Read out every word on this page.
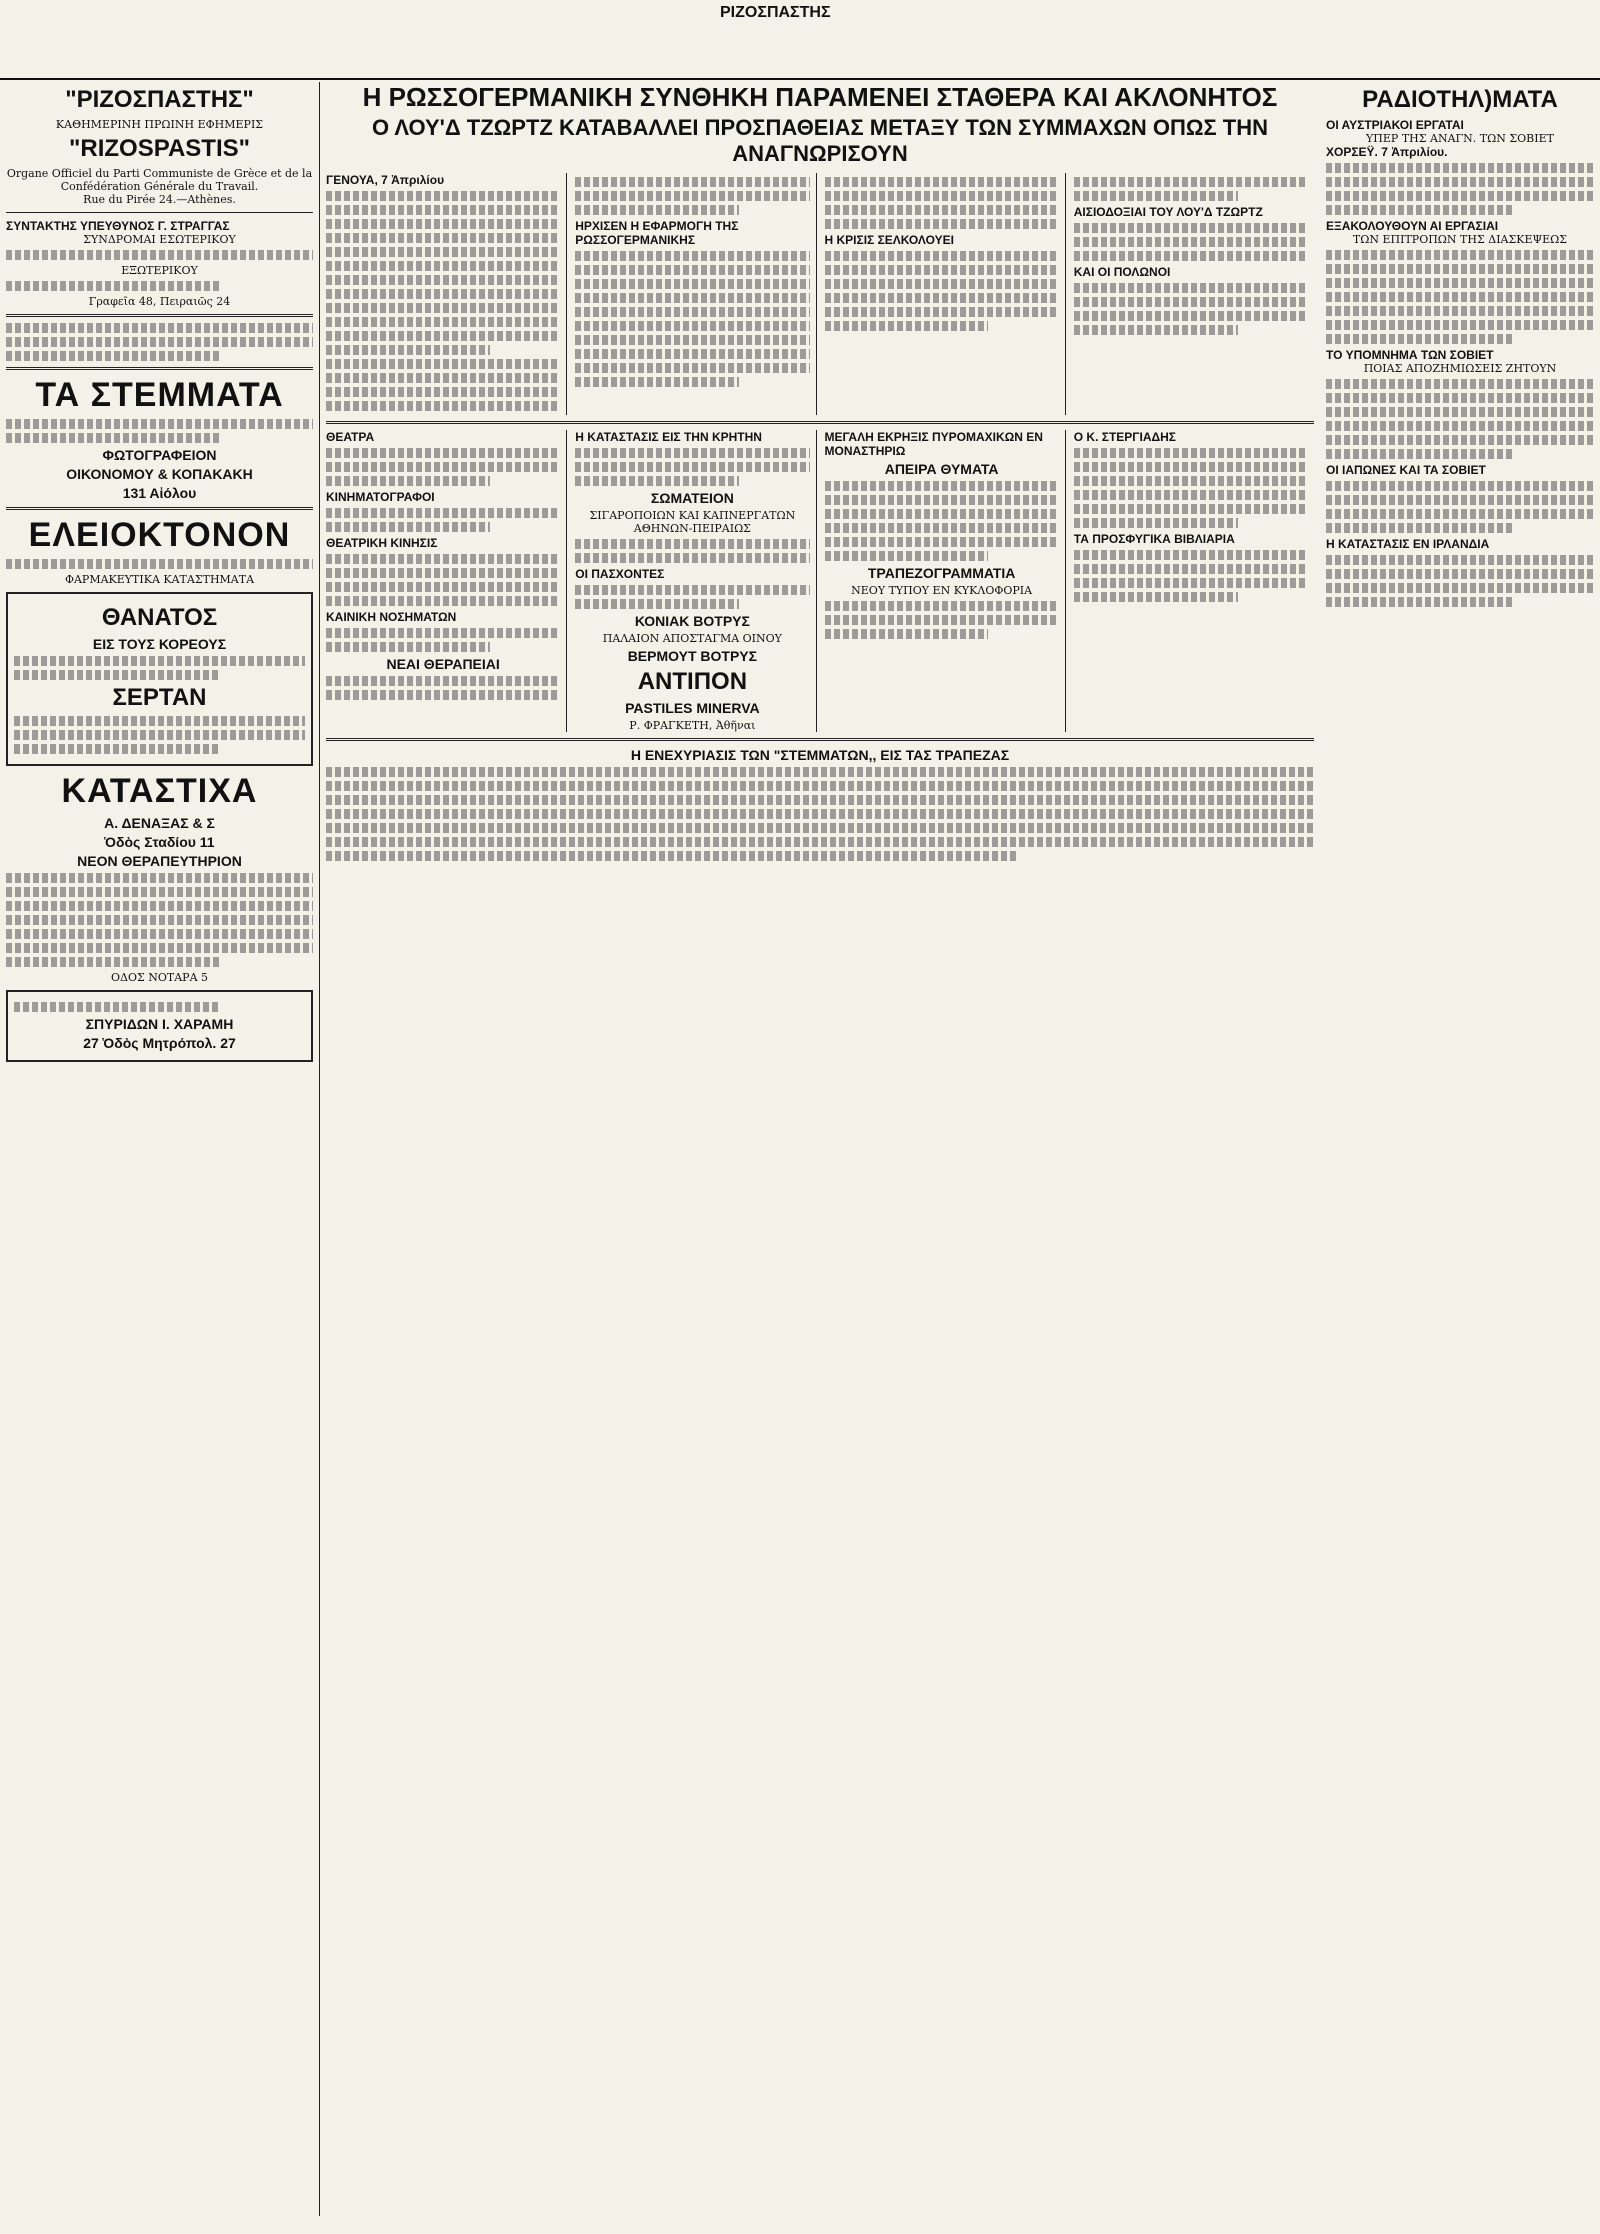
ΡΙΖΟΣΠΑΣΤΗΣ
"ΡΙΖΟΣΠΑΣΤΗΣ"
ΚΑΘΗΜΕΡΙΝΗ ΠΡΩΙΝΗ ΕΦΗΜΕΡΙΣ
"RIZOSPASTIS"
Organe Officiel du Parti Communiste de Grèce et de la Confédération Générale du Travail.
Rue du Pirée 24.—Athènes.
ΣΥΝΤΑΚΤΗΣ ΥΠΕΥΘΥΝΟΣ Γ. ΣΤΡΑΓΓΑΣ
ΣΥΝΔΡΟΜΑΙ ΕΣΩΤΕΡΙΚΟΥ
ΕΞΩΤΕΡΙΚΟΥ
Γραφεῖα 48, Πειραιῶς 24
ΤΑ ΣΤΕΜΜΑΤΑ
ΦΩΤΟΓΡΑΦΕΙΟΝ
ΟΙΚΟΝΟΜΟΥ & ΚΟΠΑΚΑΚΗ
131 Αἰόλου
ΕΛΕΙΟΚΤΟΝΟΝ
ΦΑΡΜΑΚΕΥΤΙΚΑ ΚΑΤΑΣΤΗΜΑΤΑ
ΘΑΝΑΤΟΣ
ΕΙΣ ΤΟΥΣ ΚΟΡΕΟΥΣ
ΣΕΡΤΑΝ
ΚΑΤΑΣΤΙΧΑ
Α. ΔΕΝΑΞΑΣ & Σ
Ὁδὸς Σταδίου 11
ΝΕΟΝ ΘΕΡΑΠΕΥΤΗΡΙΟΝ
ΟΔΟΣ ΝΟΤΑΡΑ 5
ΣΠΥΡΙΔΩΝ Ι. ΧΑΡΑΜΗ
27 Ὁδὸς Μητρόπολ. 27
Η ΡΩΣΣΟΓΕΡΜΑΝΙΚΗ ΣΥΝΘΗΚΗ ΠΑΡΑΜΕΝΕΙ ΣΤΑΘΕΡΑ ΚΑΙ ΑΚΛΟΝΗΤΟΣ
Ο ΛΟΥ'Δ ΤΖΩΡΤΖ ΚΑΤΑΒΑΛΛΕΙ ΠΡΟΣΠΑΘΕΙΑΣ ΜΕΤΑΞΥ ΤΩΝ ΣΥΜΜΑΧΩΝ ΟΠΩΣ ΤΗΝ ΑΝΑΓΝΩΡΙΣΟΥΝ
ΓΕΝΟΥΑ, 7 Ἀπριλίου
ΗΡΧΙΣΕΝ Η ΕΦΑΡΜΟΓΗ ΤΗΣ ΡΩΣΣΟΓΕΡΜΑΝΙΚΗΣ	Η ΚΡΙΣΙΣ ΣΕΛΚΟΛΟΥΕΙ
ΑΙΣΙΟΔΟΞΙΑΙ ΤΟΥ ΛΟΥ'Δ ΤΖΩΡΤΖ
ΚΑΙ ΟΙ ΠΟΛΩΝΟΙ
ΘΕΑΤΡΑ
ΚΙΝΗΜΑΤΟΓΡΑΦΟΙ
ΘΕΑΤΡΙΚΗ ΚΙΝΗΣΙΣ
ΚΑΙΝΙΚΗ ΝΟΣΗΜΑΤΩΝ
ΝΕΑΙ ΘΕΡΑΠΕΙΑΙ
Η ΚΑΤΑΣΤΑΣΙΣ ΕΙΣ ΤΗΝ ΚΡΗΤΗΝ
ΣΩΜΑΤΕΙΟΝ
ΣΙΓΑΡΟΠΟΙΩΝ ΚΑΙ ΚΑΠΝΕΡΓΑΤΩΝ ΑΘΗΝΩΝ-ΠΕΙΡΑΙΩΣ
ΟΙ ΠΑΣΧΟΝΤΕΣ
ΚΟΝΙΑΚ ΒΟΤΡΥΣ
ΠΑΛΑΙΟΝ ΑΠΟΣΤΑΓΜΑ ΟΙΝΟΥ
ΒΕΡΜΟΥΤ ΒΟΤΡΥΣ
ΑΝΤΙΠΟΝ
PASTILES MINERVA
Ρ. ΦΡΑΓΚΕΤΗ, Ἀθῆναι
ΜΕΓΑΛΗ ΕΚΡΗΞΙΣ ΠΥΡΟΜΑΧΙΚΩΝ ΕΝ ΜΟΝΑΣΤΗΡΙΩ
ΑΠΕΙΡΑ ΘΥΜΑΤΑ
ΤΡΑΠΕΖΟΓΡΑΜΜΑΤΙΑ
ΝΕΟΥ ΤΥΠΟΥ ΕΝ ΚΥΚΛΟΦΟΡΙΑ
Ο Κ. ΣΤΕΡΓΙΑΔΗΣ
ΤΑ ΠΡΟΣΦΥΓΙΚΑ ΒΙΒΛΙΑΡΙΑ
Η ΕΝΕΧΥΡΙΑΣΙΣ ΤΩΝ "ΣΤΕΜΜΑΤΩΝ,, ΕΙΣ ΤΑΣ ΤΡΑΠΕΖΑΣ
ΡΑΔΙΟΤΗΛ)ΜΑΤΑ
ΟΙ ΑΥΣΤΡΙΑΚΟΙ ΕΡΓΑΤΑΙ
ΥΠΕΡ ΤΗΣ ΑΝΑΓΝ. ΤΩΝ ΣΟΒΙΕΤ
ΧΟΡΣΕΫ. 7 Ἀπριλίου.
ΕΞΑΚΟΛΟΥΘΟΥΝ ΑΙ ΕΡΓΑΣΙΑΙ
ΤΩΝ ΕΠΙΤΡΟΠΩΝ ΤΗΣ ΔΙΑΣΚΕΨΕΩΣ
ΤΟ ΥΠΟΜΝΗΜΑ ΤΩΝ ΣΟΒΙΕΤ
ΠΟΙΑΣ ΑΠΟΖΗΜΙΩΣΕΙΣ ΖΗΤΟΥΝ
ΟΙ ΙΑΠΩΝΕΣ ΚΑΙ ΤΑ ΣΟΒΙΕΤ
Η ΚΑΤΑΣΤΑΣΙΣ ΕΝ ΙΡΛΑΝΔΙΑ
